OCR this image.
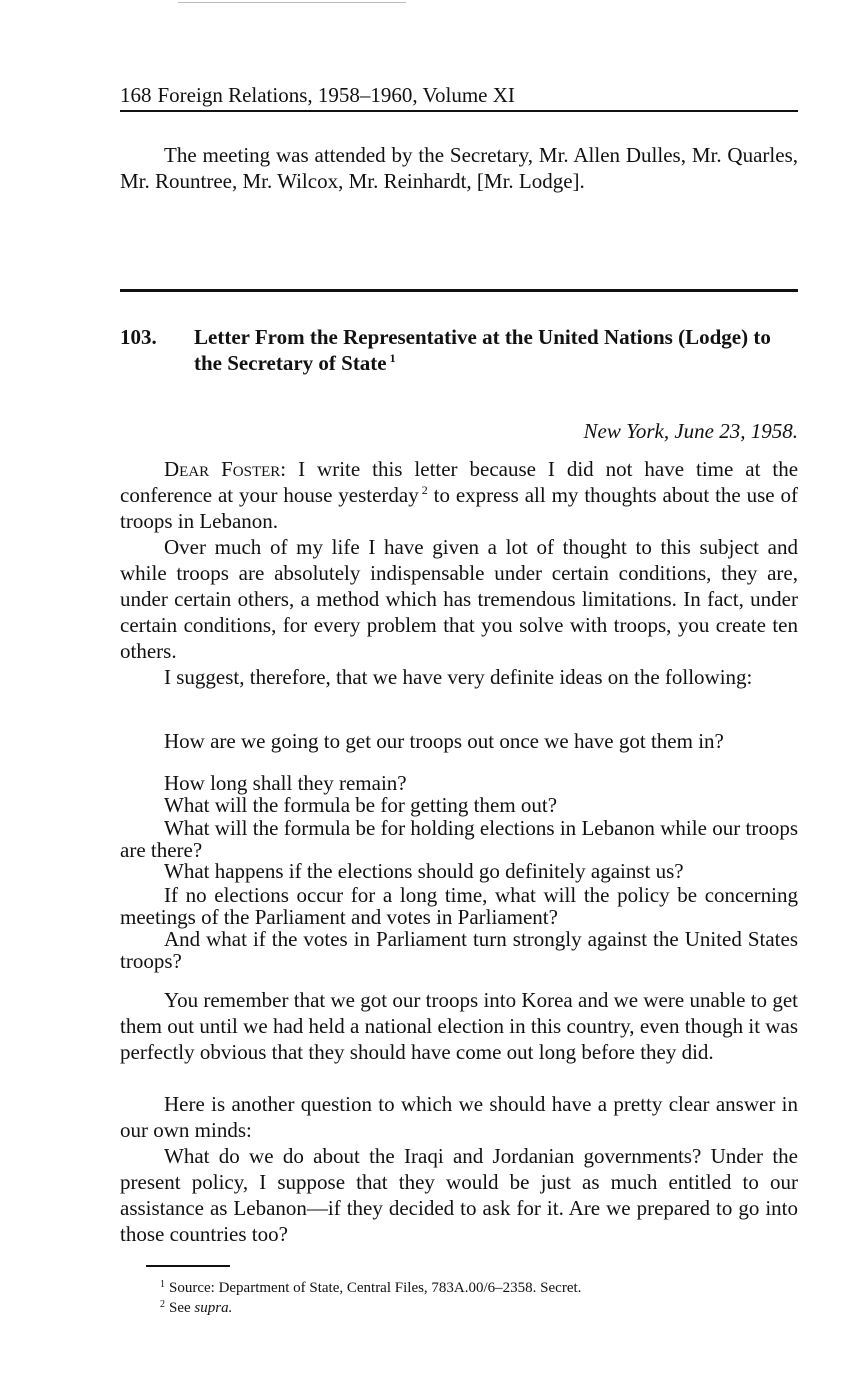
168 Foreign Relations, 1958–1960, Volume XI
The meeting was attended by the Secretary, Mr. Allen Dulles, Mr. Quarles, Mr. Rountree, Mr. Wilcox, Mr. Reinhardt, [Mr. Lodge].
103. Letter From the Representative at the United Nations (Lodge) to the Secretary of State $^1$
New York, June 23, 1958.
Dear Foster: I write this letter because I did not have time at the conference at your house yesterday $^2$ to express all my thoughts about the use of troops in Lebanon.
Over much of my life I have given a lot of thought to this subject and while troops are absolutely indispensable under certain conditions, they are, under certain others, a method which has tremendous limitations. In fact, under certain conditions, for every problem that you solve with troops, you create ten others.
I suggest, therefore, that we have very definite ideas on the following:
How are we going to get our troops out once we have got them in?
How long shall they remain?
What will the formula be for getting them out?
What will the formula be for holding elections in Lebanon while our troops are there?
What happens if the elections should go definitely against us?
If no elections occur for a long time, what will the policy be concerning meetings of the Parliament and votes in Parliament?
And what if the votes in Parliament turn strongly against the United States troops?
You remember that we got our troops into Korea and we were unable to get them out until we had held a national election in this country, even though it was perfectly obvious that they should have come out long before they did.
Here is another question to which we should have a pretty clear answer in our own minds:
What do we do about the Iraqi and Jordanian governments? Under the present policy, I suppose that they would be just as much entitled to our assistance as Lebanon—if they decided to ask for it. Are we prepared to go into those countries too?
$^1$ Source: Department of State, Central Files, 783A.00/6–2358. Secret.
$^2$ See supra.
